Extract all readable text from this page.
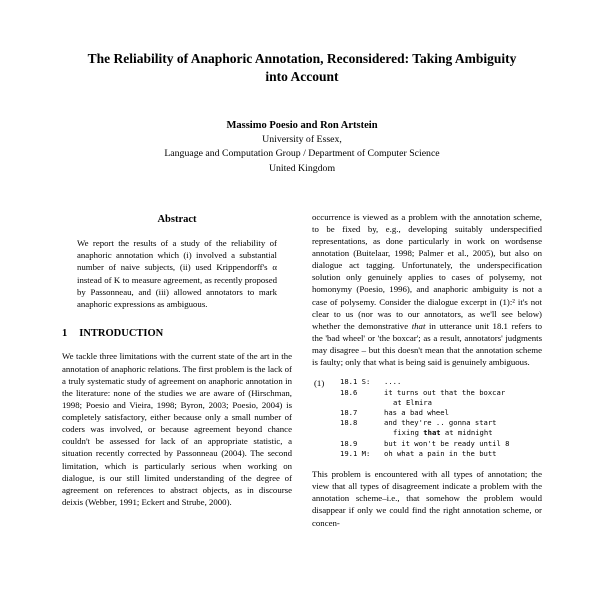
The Reliability of Anaphoric Annotation, Reconsidered: Taking Ambiguity into Account
Massimo Poesio and Ron Artstein
University of Essex,
Language and Computation Group / Department of Computer Science
United Kingdom
Abstract
We report the results of a study of the reliability of anaphoric annotation which (i) involved a substantial number of naive subjects, (ii) used Krippendorff's α instead of K to measure agreement, as recently proposed by Passonneau, and (iii) allowed annotators to mark anaphoric expressions as ambiguous.
1 INTRODUCTION
We tackle three limitations with the current state of the art in the annotation of anaphoric relations. The first problem is the lack of a truly systematic study of agreement on anaphoric annotation in the literature: none of the studies we are aware of (Hirschman, 1998; Poesio and Vieira, 1998; Byron, 2003; Poesio, 2004) is completely satisfactory, either because only a small number of coders was involved, or because agreement beyond chance couldn't be assessed for lack of an appropriate statistic, a situation recently corrected by Passonneau (2004). The second limitation, which is particularly serious when working on dialogue, is our still limited understanding of the degree of agreement on references to abstract objects, as in discourse deixis (Webber, 1991; Eckert and Strube, 2000).
occurrence is viewed as a problem with the annotation scheme, to be fixed by, e.g., developing suitably underspecified representations, as done particularly in work on wordsense annotation (Buitelaar, 1998; Palmer et al., 2005), but also on dialogue act tagging. Unfortunately, the underspecification solution only genuinely applies to cases of polysemy, not homonymy (Poesio, 1996), and anaphoric ambiguity is not a case of polysemy. Consider the dialogue excerpt in (1):² it's not clear to us (nor was to our annotators, as we'll see below) whether the demonstrative that in utterance unit 18.1 refers to the 'bad wheel' or 'the boxcar'; as a result, annotators' judgments may disagree – but this doesn't mean that the annotation scheme is faulty; only that what is being said is genuinely ambiguous.
(1)	18.1 S:	....
18.6	it turns out that the boxcar
at Elmira
18.7	has a bad wheel
18.8	and they're .. gonna start
fixing that at midnight
18.9	but it won't be ready until 8
19.1 M:	oh what a pain in the butt
This problem is encountered with all types of annotation; the view that all types of disagreement indicate a problem with the annotation scheme–i.e., that somehow the problem would disappear if only we could find the right annotation scheme, or concen-
